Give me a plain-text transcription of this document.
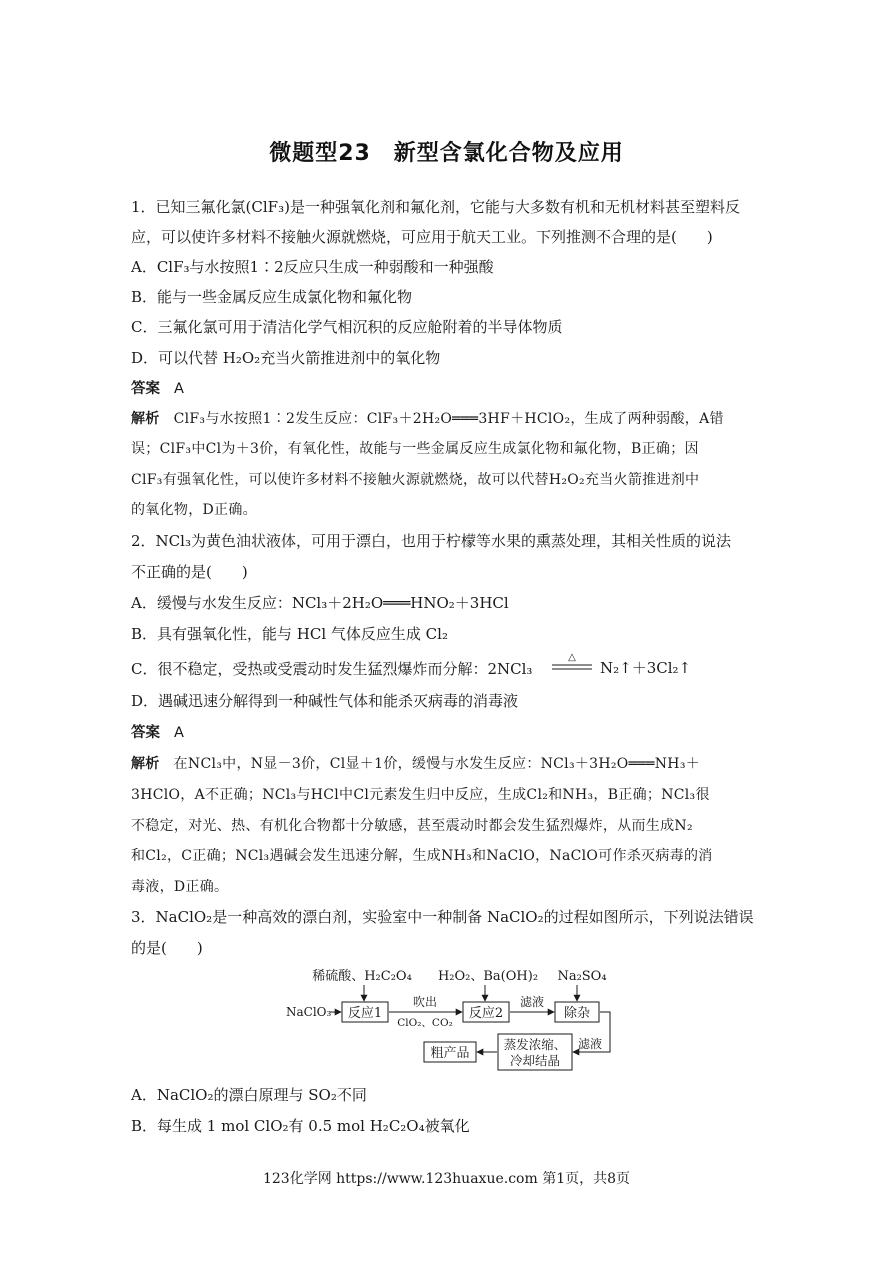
微题型23　新型含氯化合物及应用
1．已知三氟化氯(ClF₃)是一种强氧化剂和氟化剂，它能与大多数有机和无机材料甚至塑料反
应，可以使许多材料不接触火源就燃烧，可应用于航天工业。下列推测不合理的是(　　)
A．ClF₃与水按照1∶2反应只生成一种弱酸和一种强酸
B．能与一些金属反应生成氯化物和氟化物
C．三氟化氯可用于清洁化学气相沉积的反应舱附着的半导体物质
D．可以代替 H₂O₂充当火箭推进剂中的氧化物
解析 ClF₃与水按照1∶2发生反应：ClF₃＋2H₂O═══3HF＋HClO₂，生成了两种弱酸，A错
误；ClF₃中Cl为＋3价，有氧化性，故能与一些金属反应生成氯化物和氟化物，B正确；因
ClF₃有强氧化性，可以使许多材料不接触火源就燃烧，故可以代替H₂O₂充当火箭推进剂中
的氧化物，D正确。
2．NCl₃为黄色油状液体，可用于漂白，也用于柠檬等水果的熏蒸处理，其相关性质的说法
不正确的是(　　)
A．缓慢与水发生反应：NCl₃＋2H₂O═══HNO₂＋3HCl
B．具有强氧化性，能与 HCl 气体反应生成 Cl₂
C．很不稳定，受热或受震动时发生猛烈爆炸而分解：2NCl₃
D．遇碱迅速分解得到一种碱性气体和能杀灭病毒的消毒液
解析 在NCl₃中，N显－3价，Cl显＋1价，缓慢与水发生反应：NCl₃＋3H₂O═══NH₃＋
3HClO，A不正确；NCl₃与HCl中Cl元素发生归中反应，生成Cl₂和NH₃，B正确；NCl₃很
不稳定，对光、热、有机化合物都十分敏感，甚至震动时都会发生猛烈爆炸，从而生成N₂
和Cl₂，C正确；NCl₃遇碱会发生迅速分解，生成NH₃和NaClO，NaClO可作杀灭病毒的消
毒液，D正确。
3．NaClO₂是一种高效的漂白剂，实验室中一种制备 NaClO₂的过程如图所示，下列说法错误
的是(　　)
A．NaClO₂的漂白原理与 SO₂不同
B．每生成 1 mol ClO₂有 0.5 mol H₂C₂O₄被氧化
答案 A
答案 A
△
N₂↑＋3Cl₂↑
稀硫酸、H₂C₂O₄ H₂O₂、Ba(OH)₂ Na₂SO₄
NaClO₃ 反应1
吹出
ClO₂、CO₂
反应2
滤液
除杂
滤液
蒸发浓缩、
冷却结晶
粗产品
123化学网 https://www.123huaxue.com 第1页，共8页
